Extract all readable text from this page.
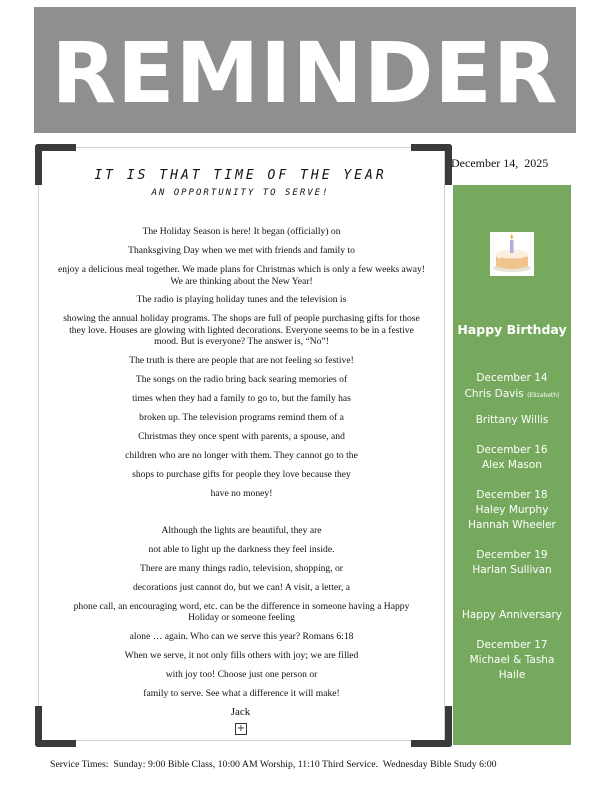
REMINDER
IT IS THAT TIME OF THE YEAR
AN OPPORTUNITY TO SERVE!

The Holiday Season is here! It began (officially) on

Thanksgiving Day when we met with friends and family to

enjoy a delicious meal together. We made plans for Christmas which is only a few weeks away! We are thinking about the New Year!

The radio is playing holiday tunes and the television is

showing the annual holiday programs. The shops are full of people purchasing gifts for those they love. Houses are glowing with lighted decorations. Everyone seems to be in a festive mood. But is everyone? The answer is, “No”!

The truth is there are people that are not feeling so festive!

The songs on the radio bring back searing memories of

times when they had a family to go to, but the family has

broken up. The television programs remind them of a

Christmas they once spent with parents, a spouse, and

children who are no longer with them. They cannot go to the

shops to purchase gifts for people they love because they

have no money!

Although the lights are beautiful, they are

not able to light up the darkness they feel inside.

There are many things radio, television, shopping, or

decorations just cannot do, but we can! A visit, a letter, a

phone call, an encouraging word, etc. can be the difference in someone having a Happy Holiday or someone feeling

alone … again. Who can we serve this year? Romans 6:18

When we serve, it not only fills others with joy; we are filled

with joy too! Choose just one person or

family to serve. See what a difference it will make!

Jack
+
December 14,  2025
Happy Birthday
December 14
Chris Davis (Elizabeth)
Brittany Willis
December 16
Alex Mason
December 18
Haley Murphy
Hannah Wheeler
December 19
Harlan Sullivan
Happy Anniversary
December 17
Michael & Tasha
Haile
Service Times:  Sunday: 9:00 Bible Class, 10:00 AM Worship, 11:10 Third Service.  Wednesday Bible Study 6:00
